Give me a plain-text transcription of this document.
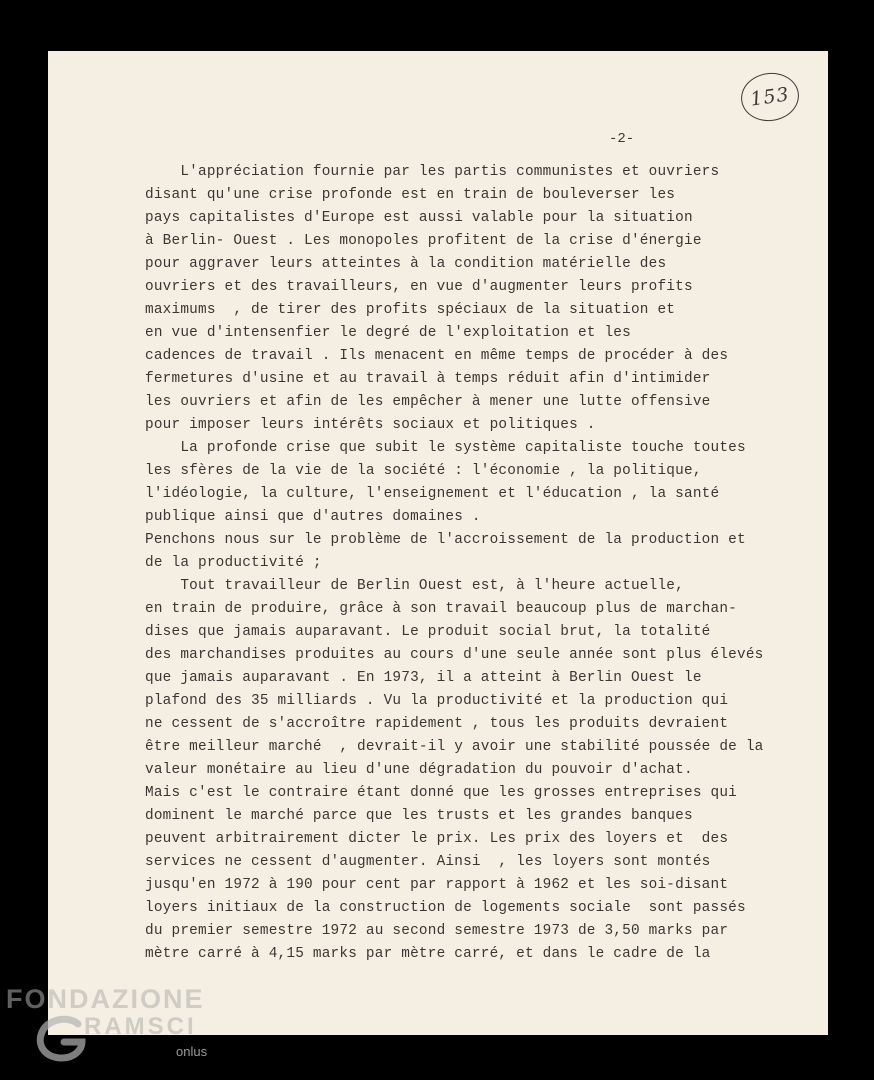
153
-2-
L'appréciation fournie par les partis communistes et ouvriers
disant qu'une crise profonde est en train de bouleverser les
pays capitalistes d'Europe est aussi valable pour la situation
à Berlin- Ouest . Les monopoles profitent de la crise d'énergie
pour aggraver leurs atteintes à la condition matérielle des
ouvriers et des travailleurs, en vue d'augmenter leurs profits
maximums  , de tirer des profits spéciaux de la situation et
en vue d'intensenfier le degré de l'exploitation et les
cadences de travail . Ils menacent en même temps de procéder à des
fermetures d'usine et au travail à temps réduit afin d'intimider
les ouvriers et afin de les empêcher à mener une lutte offensive
pour imposer leurs intérêts sociaux et politiques .
La profonde crise que subit le système capitaliste touche toutes
les sfères de la vie de la société : l'économie , la politique,
l'idéologie, la culture, l'enseignement et l'éducation , la santé
publique ainsi que d'autres domaines .
Penchons nous sur le problème de l'accroissement de la production et
de la productivité ;
Tout travailleur de Berlin Ouest est, à l'heure actuelle,
en train de produire, grâce à son travail beaucoup plus de marchan-
dises que jamais auparavant. Le produit social brut, la totalité
des marchandises produites au cours d'une seule année sont plus élevés
que jamais auparavant . En 1973, il a atteint à Berlin Ouest le
plafond des 35 milliards . Vu la productivité et la production qui
ne cessent de s'accroître rapidement , tous les produits devraient
être meilleur marché  , devrait-il y avoir une stabilité poussée de la
valeur monétaire au lieu d'une dégradation du pouvoir d'achat.
Mais c'est le contraire étant donné que les grosses entreprises qui
dominent le marché parce que les trusts et les grandes banques
peuvent arbitrairement dicter le prix. Les prix des loyers et  des
services ne cessent d'augmenter. Ainsi  , les loyers sont montés
jusqu'en 1972 à 190 pour cent par rapport à 1962 et les soi-disant
loyers initiaux de la construction de logements sociale  sont passés
du premier semestre 1972 au second semestre 1973 de 3,50 marks par
mètre carré à 4,15 marks par mètre carré, et dans le cadre de la
FONDAZIONE
RAMSCI
onlus
